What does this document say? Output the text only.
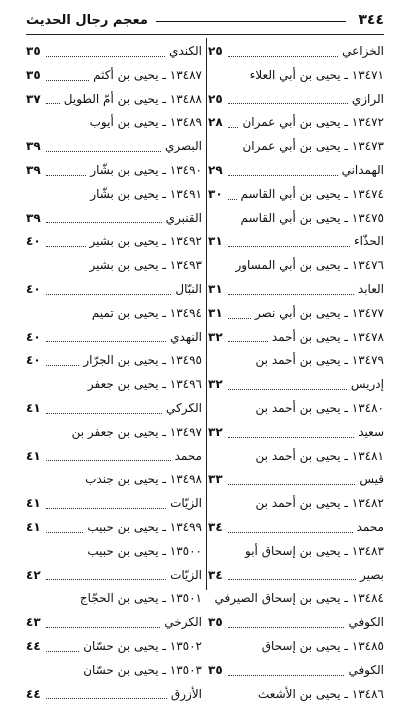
٣٤٤
معجم رجال الحديث
الخزاعي
٢٥
١٣٤٧١ ـ يحيى بن أبي العلاء
الرازي
٢٥
١٣٤٧٢ ـ يحيى بن أبي عمران
٢٨
١٣٤٧٣ ـ يحيى بن أبي عمران
الهمداني
٢٩
١٣٤٧٤ ـ يحيى بن أبي القاسم
٣٠
١٣٤٧٥ ـ يحيى بن أبي القاسم
الحذّاء
٣١
١٣٤٧٦ ـ يحيى بن أبي المساور
العابد
٣١
١٣٤٧٧ ـ يحيى بن أبي نصر
٣١
١٣٤٧٨ ـ يحيى بن أحمد
٣٢
١٣٤٧٩ ـ يحيى بن أحمد بن
إدريس
٣٢
١٣٤٨٠ ـ يحيى بن أحمد بن
سعيد
٣٢
١٣٤٨١ ـ يحيى بن أحمد بن
قيس
٣٣
١٣٤٨٢ ـ يحيى بن أحمد بن
محمد
٣٤
١٣٤٨٣ ـ يحيى بن إسحاق أبو
بصير
٣٤
١٣٤٨٤ ـ يحيى بن إسحاق الصيرفي
الكوفي
٣٥
١٣٤٨٥ ـ يحيى بن إسحاق
الكوفي
٣٥
١٣٤٨٦ ـ يحيى بن الأشعث
الكندي
٣٥
١٣٤٨٧ ـ يحيى بن أكثم
٣٥
١٣٤٨٨ ـ يحيى بن أمّ الطويل
٣٧
١٣٤٨٩ ـ يحيى بن أيوب
البصري
٣٩
١٣٤٩٠ ـ يحيى بن بشّار
٣٩
١٣٤٩١ ـ يحيى بن بشّار
القنبري
٣٩
١٣٤٩٢ ـ يحيى بن بشير
٤٠
١٣٤٩٣ ـ يحيى بن بشير
النبّال
٤٠
١٣٤٩٤ ـ يحيى بن تميم
النهدي
٤٠
١٣٤٩٥ ـ يحيى بن الجرّار
٤٠
١٣٤٩٦ ـ يحيى بن جعفر
الكركي
٤١
١٣٤٩٧ ـ يحيى بن جعفر بن
محمد
٤١
١٣٤٩٨ ـ يحيى بن جندب
الزيّات
٤١
١٣٤٩٩ ـ يحيى بن حبيب
٤١
١٣٥٠٠ ـ يحيى بن حبيب
الزيّات
٤٢
١٣٥٠١ ـ يحيى بن الحجّاج
الكرخي
٤٣
١٣٥٠٢ ـ يحيى بن حسّان
٤٤
١٣٥٠٣ ـ يحيى بن حسّان
الأزرق
٤٤
